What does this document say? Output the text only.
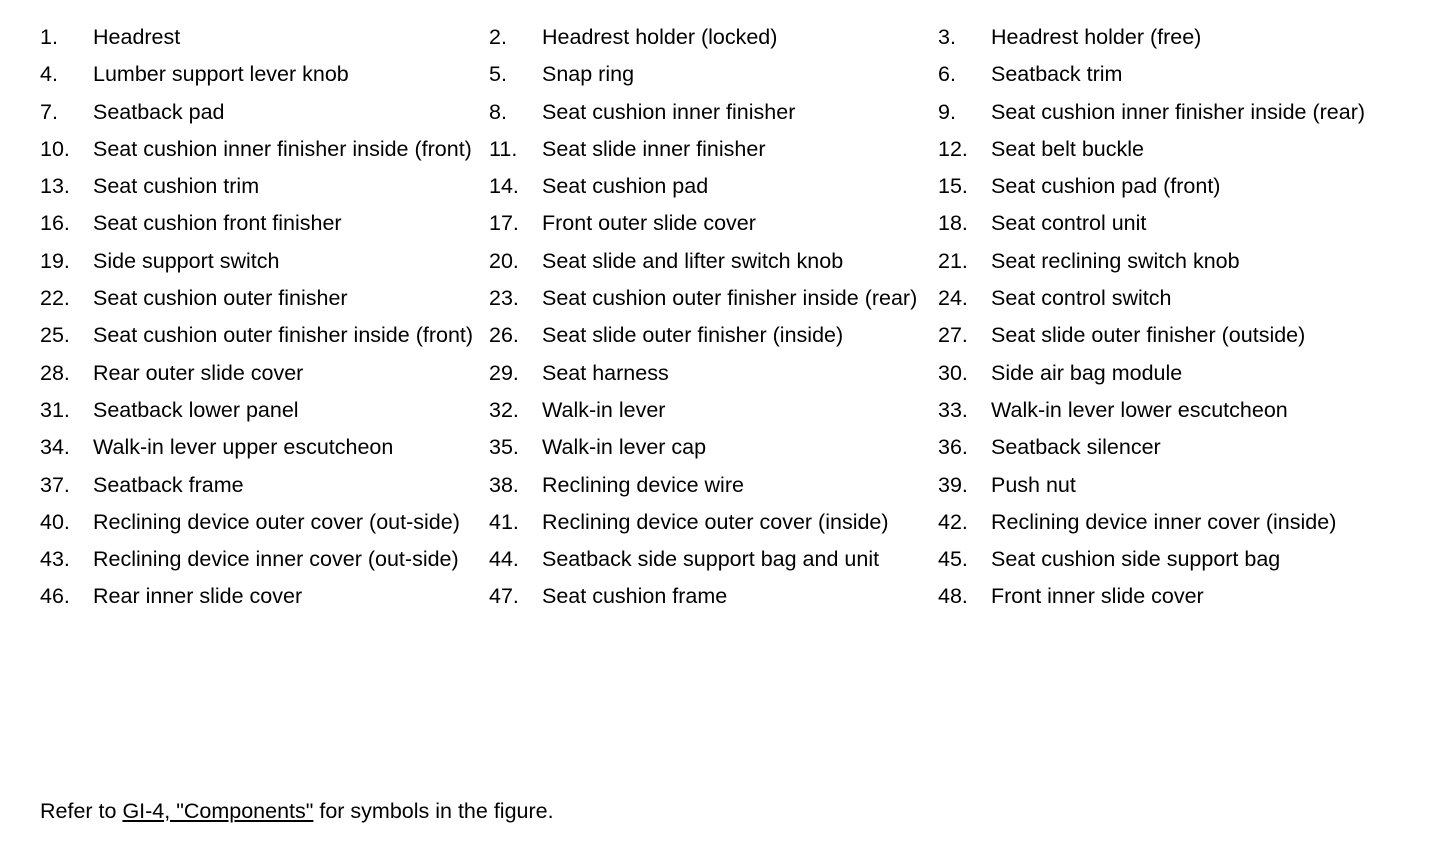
1.	Headrest	2.	Headrest holder (locked)	3.	Headrest holder (free)
4.	Lumber support lever knob	5.	Snap ring	6.	Seatback trim
7.	Seatback pad	8.	Seat cushion inner finisher	9.	Seat cushion inner finisher inside (rear)
10.	Seat cushion inner finisher inside (front) 11.	Seat slide inner finisher	12.	Seat belt buckle
13.	Seat cushion trim	14.	Seat cushion pad	15.	Seat cushion pad (front)
16.	Seat cushion front finisher	17.	Front outer slide cover	18.	Seat control unit
19.	Side support switch	20.	Seat slide and lifter switch knob	21.	Seat reclining switch knob
22.	Seat cushion outer finisher	23.	Seat cushion outer finisher inside (rear) 24.	Seat control switch
25.	Seat cushion outer finisher inside (front) 26.	Seat slide outer finisher (inside)	27.	Seat slide outer finisher (outside)
28.	Rear outer slide cover	29.	Seat harness	30.	Side air bag module
31.	Seatback lower panel	32.	Walk-in lever	33.	Walk-in lever lower escutcheon
34.	Walk-in lever upper escutcheon	35.	Walk-in lever cap	36.	Seatback silencer
37.	Seatback frame	38.	Reclining device wire	39.	Push nut
40.	Reclining device outer cover (out-side)	41.	Reclining device outer cover (inside)	42.	Reclining device inner cover (inside)
43.	Reclining device inner cover (out-side)	44.	Seatback side support bag and unit	45.	Seat cushion side support bag
46.	Rear inner slide cover	47.	Seat cushion frame	48.	Front inner slide cover
Refer to GI-4, "Components" for symbols in the figure.
